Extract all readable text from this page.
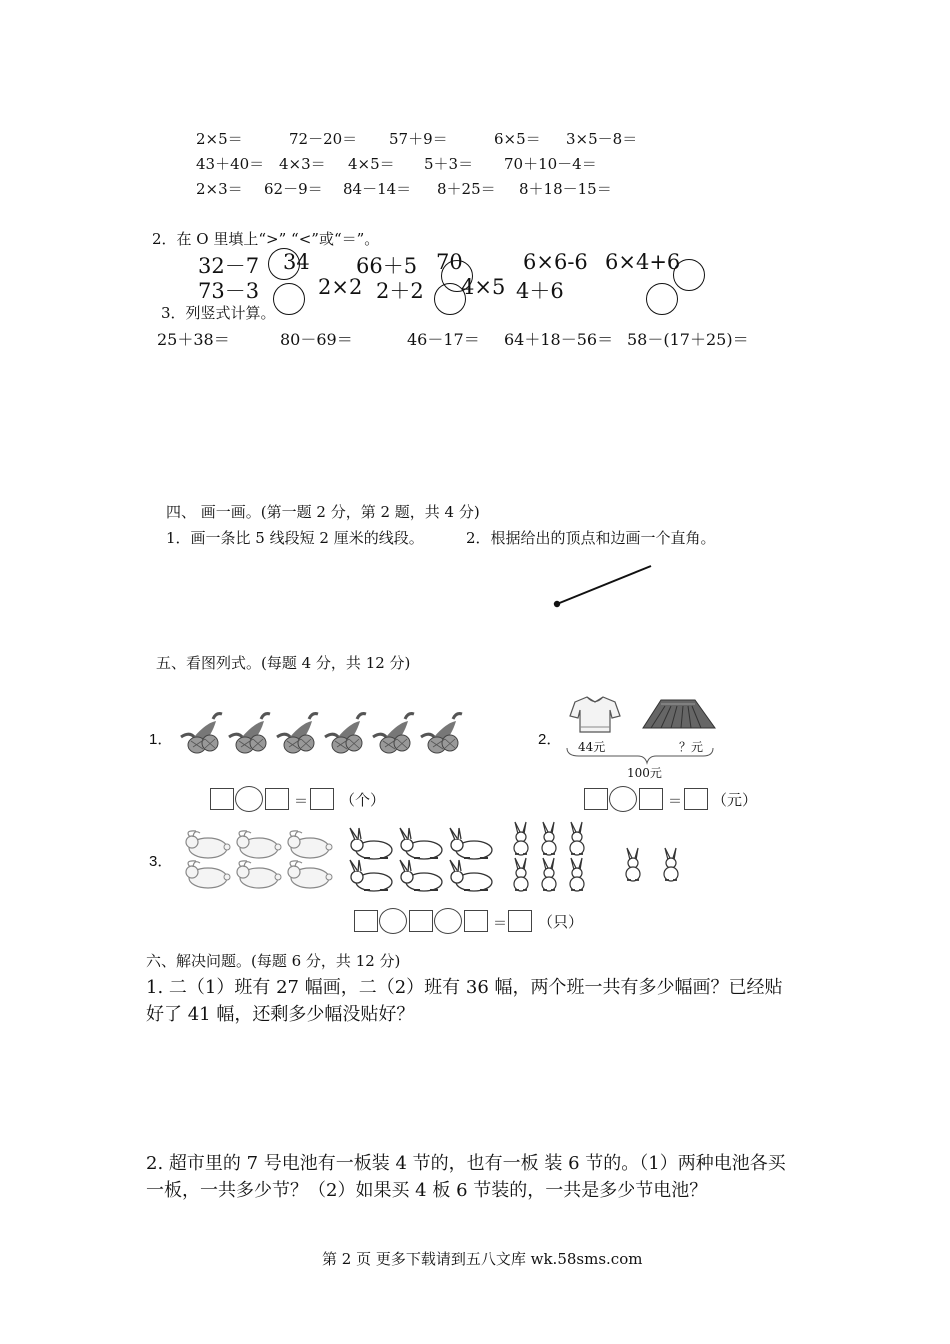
2×5＝	72－20＝ 57＋9＝	6×5＝ 3×5－8＝
43＋40＝ 4×3＝ 4×5＝ 5＋3＝ 70＋10－4＝
2×3＝ 62－9＝ 84－14＝ 8＋25＝ 8＋18－15＝
2．在 O 里填上“>” “<”或“＝”。
32－7 34 66＋5 70	6×6-6 6×4+6
73－3	2×2 2＋2 4×5 4＋6
3．列竖式计算。
25＋38＝	80－69＝	46－17＝ 64＋18－56＝ 58－(17＋25)＝
四、 画一画。(第一题 2 分，第 2 题，共 4 分)
1．画一条比 5 线段短 2 厘米的线段。	2．根据给出的顶点和边画一个直角。
五、看图列式。(每题 4 分，共 12 分)
1．
＝ （个）
2． 44元	？元
100元
＝ （元）
3．
＝ （只）
六、解决问题。(每题 6 分，共 12 分)
1. 二（1）班有 27 幅画，二（2）班有 36 幅，两个班一共有多少幅画？已经贴
好了 41 幅，还剩多少幅没贴好？
2. 超市里的 7 号电池有一板装 4 节的，也有一板 装 6 节的。（1）两种电池各买
一板，一共多少节？（2）如果买 4 板 6 节装的，一共是多少节电池？
第 2 页 更多下载请到五八文库 wk.58sms.com
